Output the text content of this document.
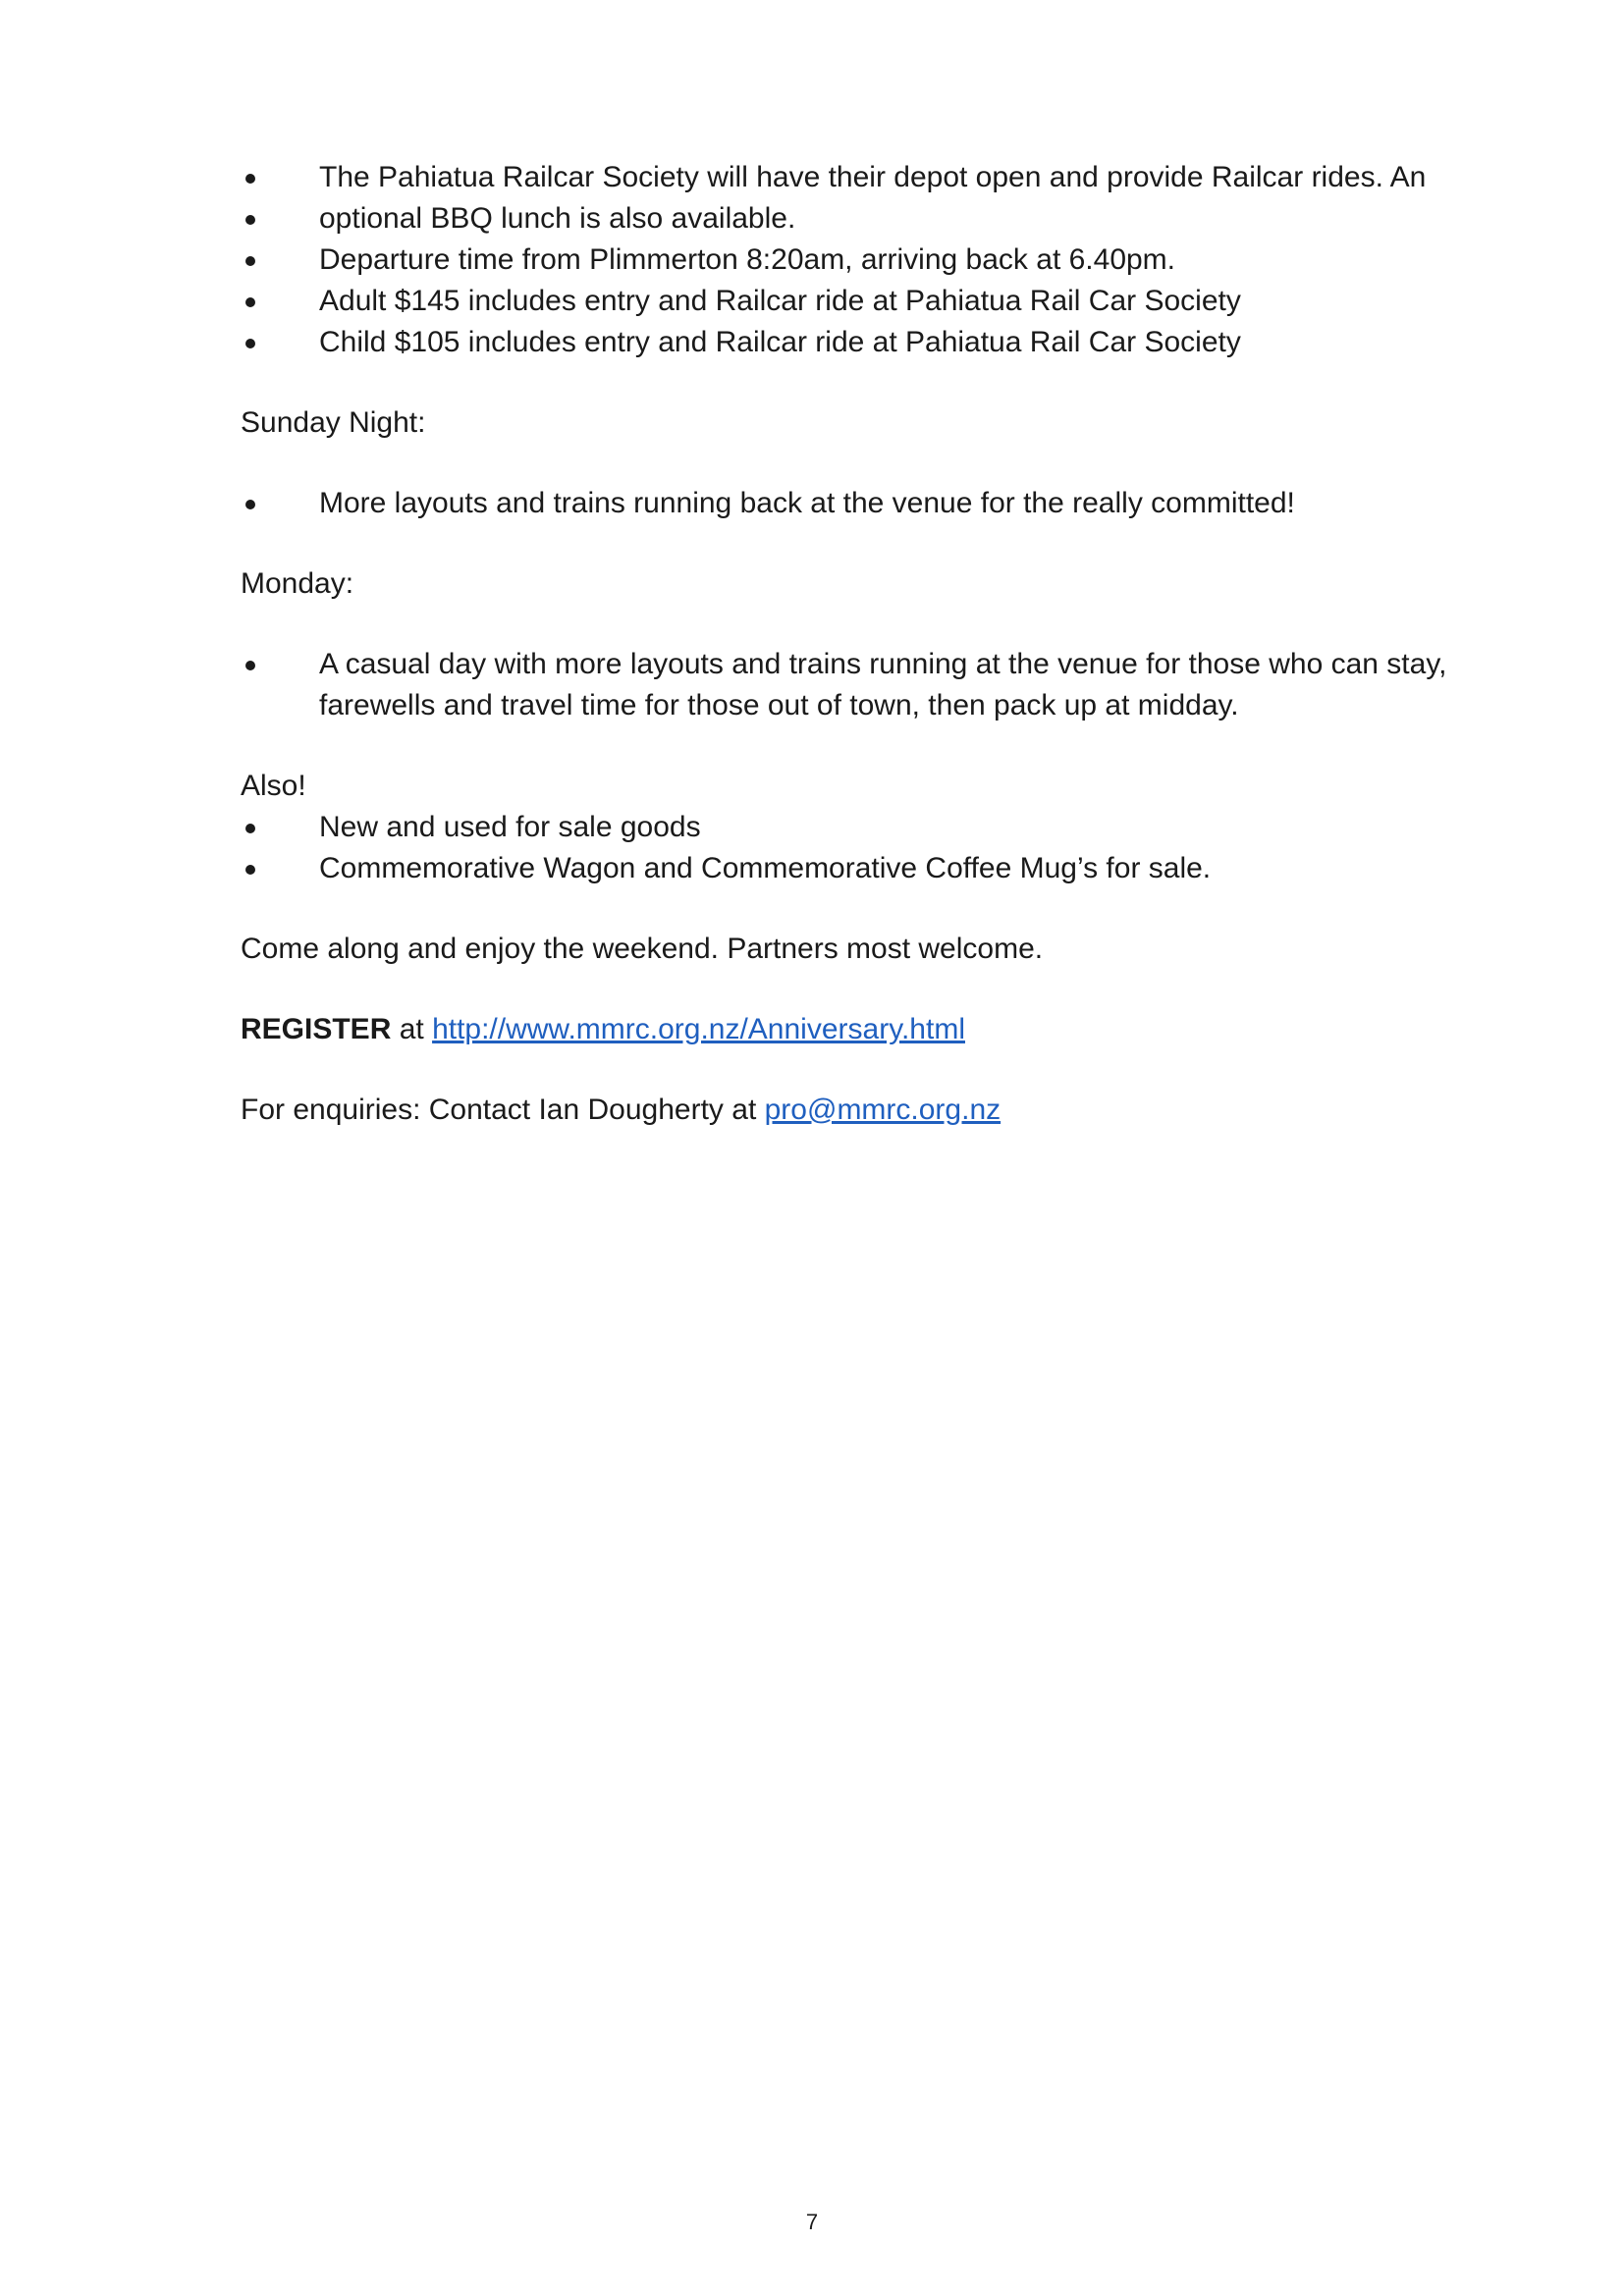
The Pahiatua Railcar Society will have their depot open and provide Railcar rides. An
optional BBQ lunch is also available.
Departure time from Plimmerton 8:20am, arriving back at 6.40pm.
Adult $145 includes entry and Railcar ride at Pahiatua Rail Car Society
Child $105 includes entry and Railcar ride at Pahiatua Rail Car Society

Sunday Night:

More layouts and trains running back at the venue for the really committed!

Monday:

A casual day with more layouts and trains running at the venue for those who can stay, farewells and travel time for those out of town, then pack up at midday.

Also!

New and used for sale goods
Commemorative Wagon and Commemorative Coffee Mug’s for sale.

Come along and enjoy the weekend. Partners most welcome.

REGISTER at http://www.mmrc.org.nz/Anniversary.html

For enquiries: Contact Ian Dougherty at pro@mmrc.org.nz

7
